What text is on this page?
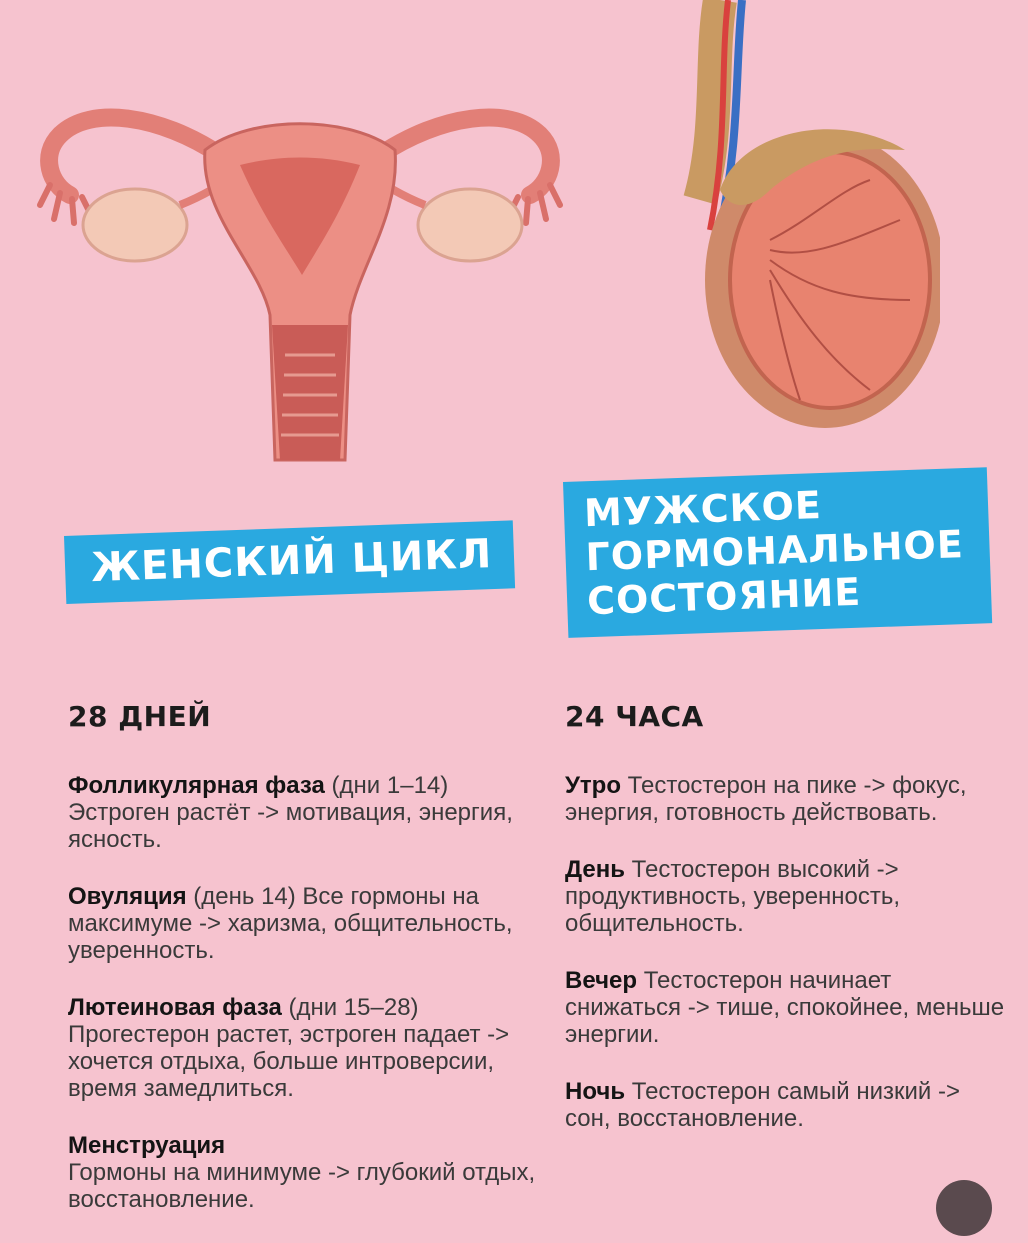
ЖЕНСКИЙ ЦИКЛ
МУЖСКОЕ
ГОРМОНАЛЬНОЕ
СОСТОЯНИЕ
28 ДНЕЙ
Фолликулярная фаза (дни 1–14)
Эстроген растёт -> мотивация, энергия, ясность.
Овуляция (день 14) Все гормоны на максимуме -> харизма, общительность, уверенность.
Лютеиновая фаза (дни 15–28)
Прогестерон растет, эстроген падает -> хочется отдыха, больше интроверсии, время замедлиться.
Менструация
Гормоны на минимуме -> глубокий отдых, восстановление.
24 ЧАСА
Утро Тестостерон на пике -> фокус, энергия, готовность действовать.
День Тестостерон высокий -> продуктивность, уверенность, общительность.
Вечер Тестостерон начинает снижаться -> тише, спокойнее, меньше энергии.
Ночь Тестостерон самый низкий -> сон, восстановление.
